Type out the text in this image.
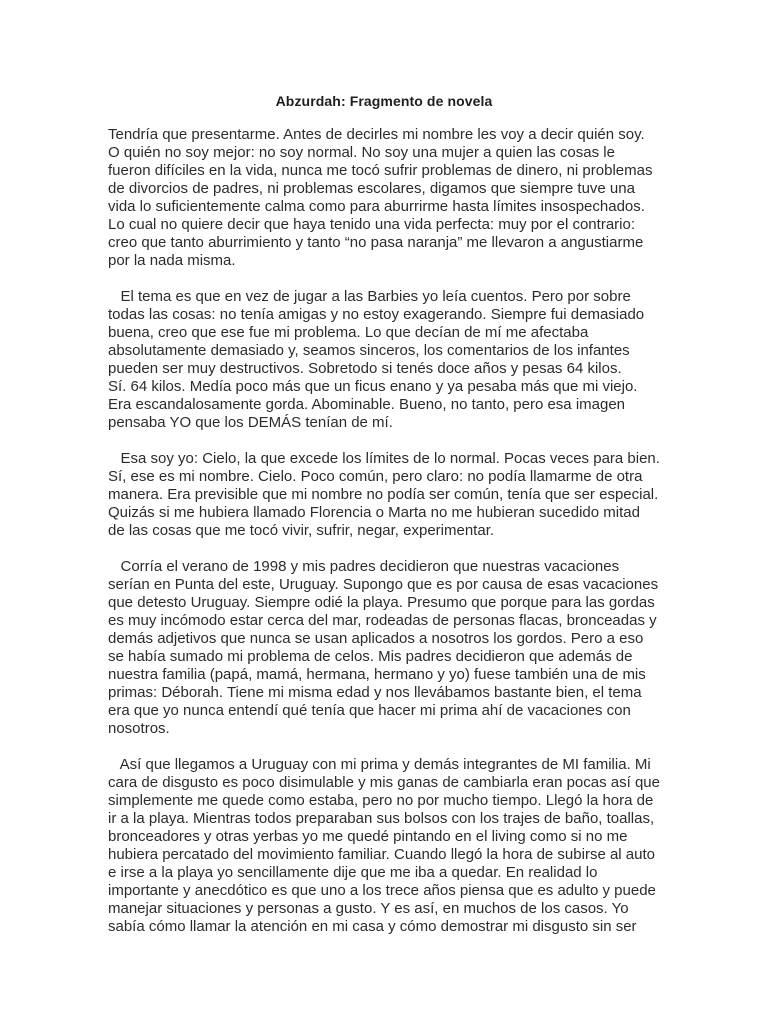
Abzurdah: Fragmento de novela

Tendría que presentarme. Antes de decirles mi nombre les voy a decir quién soy.
O quién no soy mejor: no soy normal. No soy una mujer a quien las cosas le
fueron difíciles en la vida, nunca me tocó sufrir problemas de dinero, ni problemas
de divorcios de padres, ni problemas escolares, digamos que siempre tuve una
vida lo suficientemente calma como para aburrirme hasta límites insospechados.
Lo cual no quiere decir que haya tenido una vida perfecta: muy por el contrario:
creo que tanto aburrimiento y tanto “no pasa naranja” me llevaron a angustiarme
por la nada misma.

El tema es que en vez de jugar a las Barbies yo leía cuentos. Pero por sobre
todas las cosas: no tenía amigas y no estoy exagerando. Siempre fui demasiado
buena, creo que ese fue mi problema. Lo que decían de mí me afectaba
absolutamente demasiado y, seamos sinceros, los comentarios de los infantes
pueden ser muy destructivos. Sobretodo si tenés doce años y pesas 64 kilos.
Sí. 64 kilos. Medía poco más que un ficus enano y ya pesaba más que mi viejo.
Era escandalosamente gorda. Abominable. Bueno, no tanto, pero esa imagen
pensaba YO que los DEMÁS tenían de mí.

Esa soy yo: Cielo, la que excede los límites de lo normal. Pocas veces para bien.
Sí, ese es mi nombre. Cielo. Poco común, pero claro: no podía llamarme de otra
manera. Era previsible que mi nombre no podía ser común, tenía que ser especial.
Quizás si me hubiera llamado Florencia o Marta no me hubieran sucedido mitad
de las cosas que me tocó vivir, sufrir, negar, experimentar.

Corría el verano de 1998 y mis padres decidieron que nuestras vacaciones
serían en Punta del este, Uruguay. Supongo que es por causa de esas vacaciones
que detesto Uruguay. Siempre odié la playa. Presumo que porque para las gordas
es muy incómodo estar cerca del mar, rodeadas de personas flacas, bronceadas y
demás adjetivos que nunca se usan aplicados a nosotros los gordos. Pero a eso
se había sumado mi problema de celos. Mis padres decidieron que además de
nuestra familia (papá, mamá, hermana, hermano y yo) fuese también una de mis
primas: Déborah. Tiene mi misma edad y nos llevábamos bastante bien, el tema
era que yo nunca entendí qué tenía que hacer mi prima ahí de vacaciones con
nosotros.

Así que llegamos a Uruguay con mi prima y demás integrantes de MI familia. Mi
cara de disgusto es poco disimulable y mis ganas de cambiarla eran pocas así que
simplemente me quede como estaba, pero no por mucho tiempo. Llegó la hora de
ir a la playa. Mientras todos preparaban sus bolsos con los trajes de baño, toallas,
bronceadores y otras yerbas yo me quedé pintando en el living como si no me
hubiera percatado del movimiento familiar. Cuando llegó la hora de subirse al auto
e irse a la playa yo sencillamente dije que me iba a quedar. En realidad lo
importante y anecdótico es que uno a los trece años piensa que es adulto y puede
manejar situaciones y personas a gusto. Y es así, en muchos de los casos. Yo
sabía cómo llamar la atención en mi casa y cómo demostrar mi disgusto sin ser
